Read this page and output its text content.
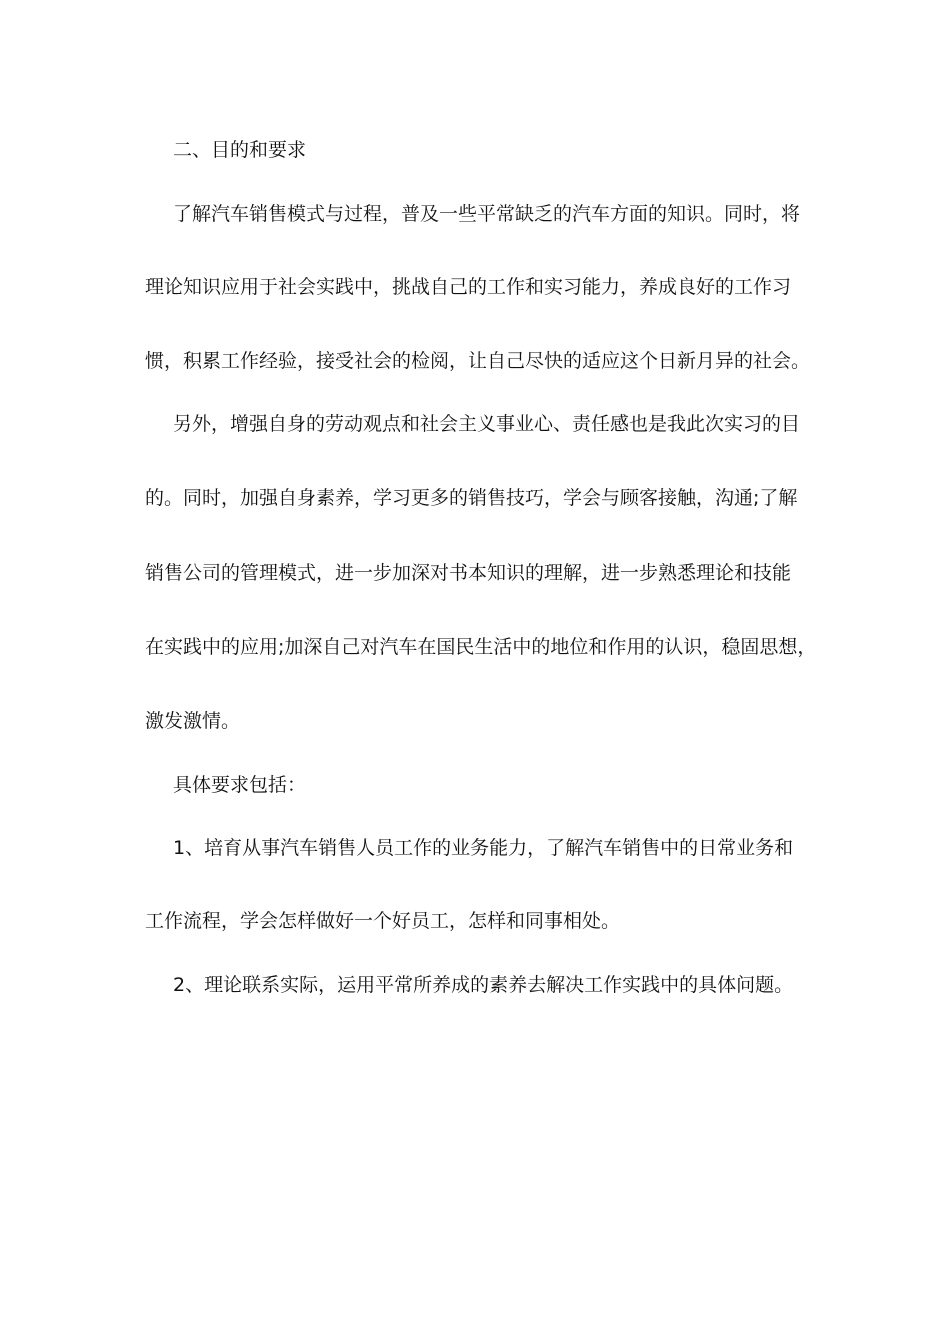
二、目的和要求

了解汽车销售模式与过程，普及一些平常缺乏的汽车方面的知识。同时，将

理论知识应用于社会实践中，挑战自己的工作和实习能力，养成良好的工作习

惯，积累工作经验，接受社会的检阅，让自己尽快的适应这个日新月异的社会。

另外，增强自身的劳动观点和社会主义事业心、责任感也是我此次实习的目

的。同时，加强自身素养，学习更多的销售技巧，学会与顾客接触，沟通;了解

销售公司的管理模式，进一步加深对书本知识的理解，进一步熟悉理论和技能

在实践中的应用;加深自己对汽车在国民生活中的地位和作用的认识，稳固思想，

激发激情。

具体要求包括：

1、培育从事汽车销售人员工作的业务能力，了解汽车销售中的日常业务和

工作流程，学会怎样做好一个好员工，怎样和同事相处。

2、理论联系实际，运用平常所养成的素养去解决工作实践中的具体问题。
